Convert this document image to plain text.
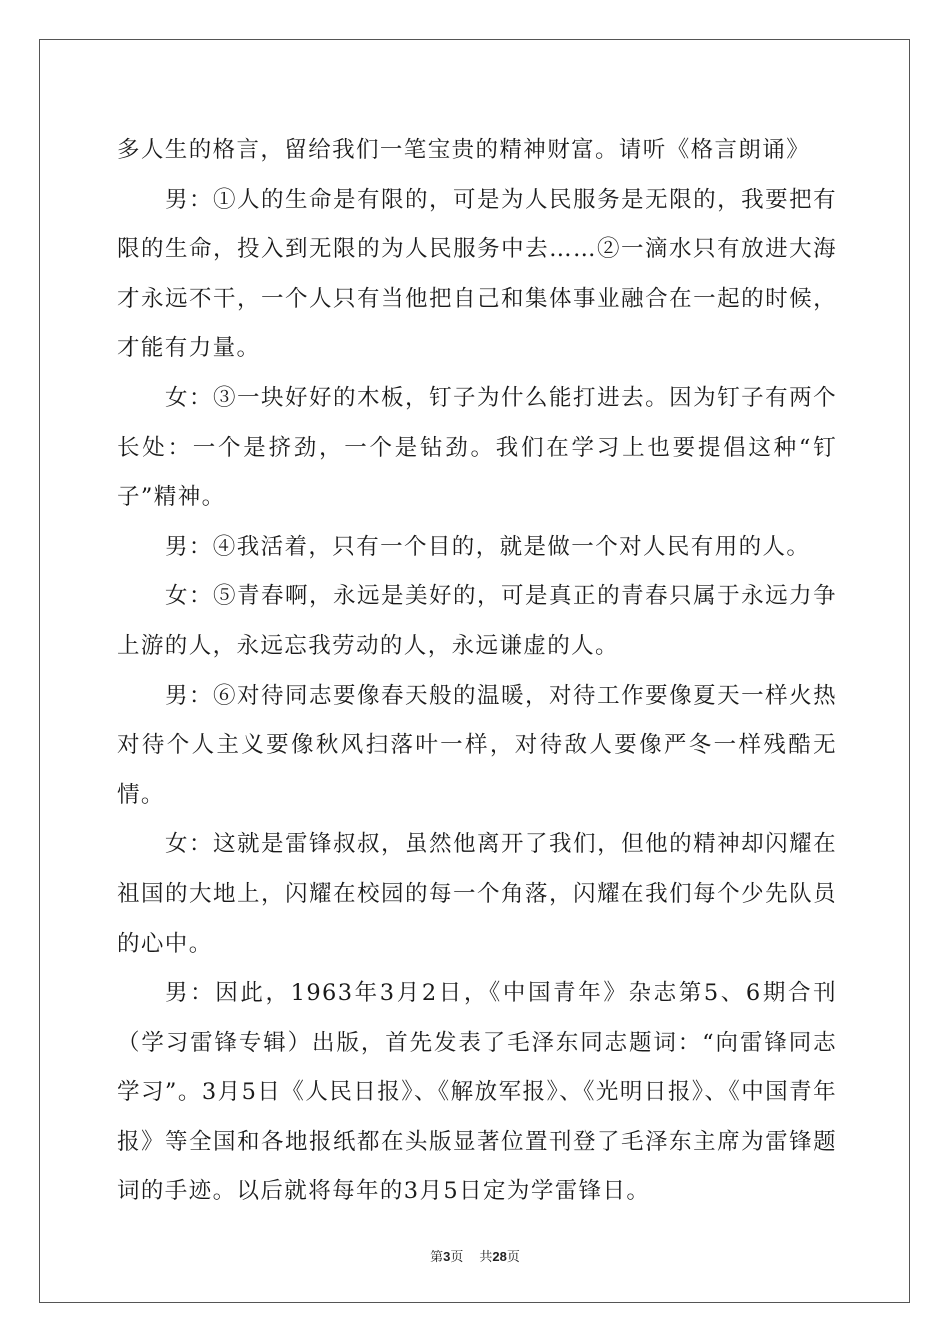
多人生的格言，留给我们一笔宝贵的精神财富。请听《格言朗诵》

男：①人的生命是有限的，可是为人民服务是无限的，我要把有限的生命，投入到无限的为人民服务中去……②一滴水只有放进大海才永远不干，一个人只有当他把自己和集体事业融合在一起的时候，才能有力量。

女：③一块好好的木板，钉子为什么能打进去。因为钉子有两个长处：一个是挤劲，一个是钻劲。我们在学习上也要提倡这种“钉子”精神。

男：④我活着，只有一个目的，就是做一个对人民有用的人。

女：⑤青春啊，永远是美好的，可是真正的青春只属于永远力争上游的人，永远忘我劳动的人，永远谦虚的人。

男：⑥对待同志要像春天般的温暖，对待工作要像夏天一样火热对待个人主义要像秋风扫落叶一样，对待敌人要像严冬一样残酷无情。

女：这就是雷锋叔叔，虽然他离开了我们，但他的精神却闪耀在祖国的大地上，闪耀在校园的每一个角落，闪耀在我们每个少先队员的心中。

男：因此，1963年3月2日，《中国青年》杂志第5、6期合刊（学习雷锋专辑）出版，首先发表了毛泽东同志题词：“向雷锋同志学习”。3月5日《人民日报》、《解放军报》、《光明日报》、《中国青年报》等全国和各地报纸都在头版显著位置刊登了毛泽东主席为雷锋题词的手迹。以后就将每年的3月5日定为学雷锋日。

第3页 共28页
